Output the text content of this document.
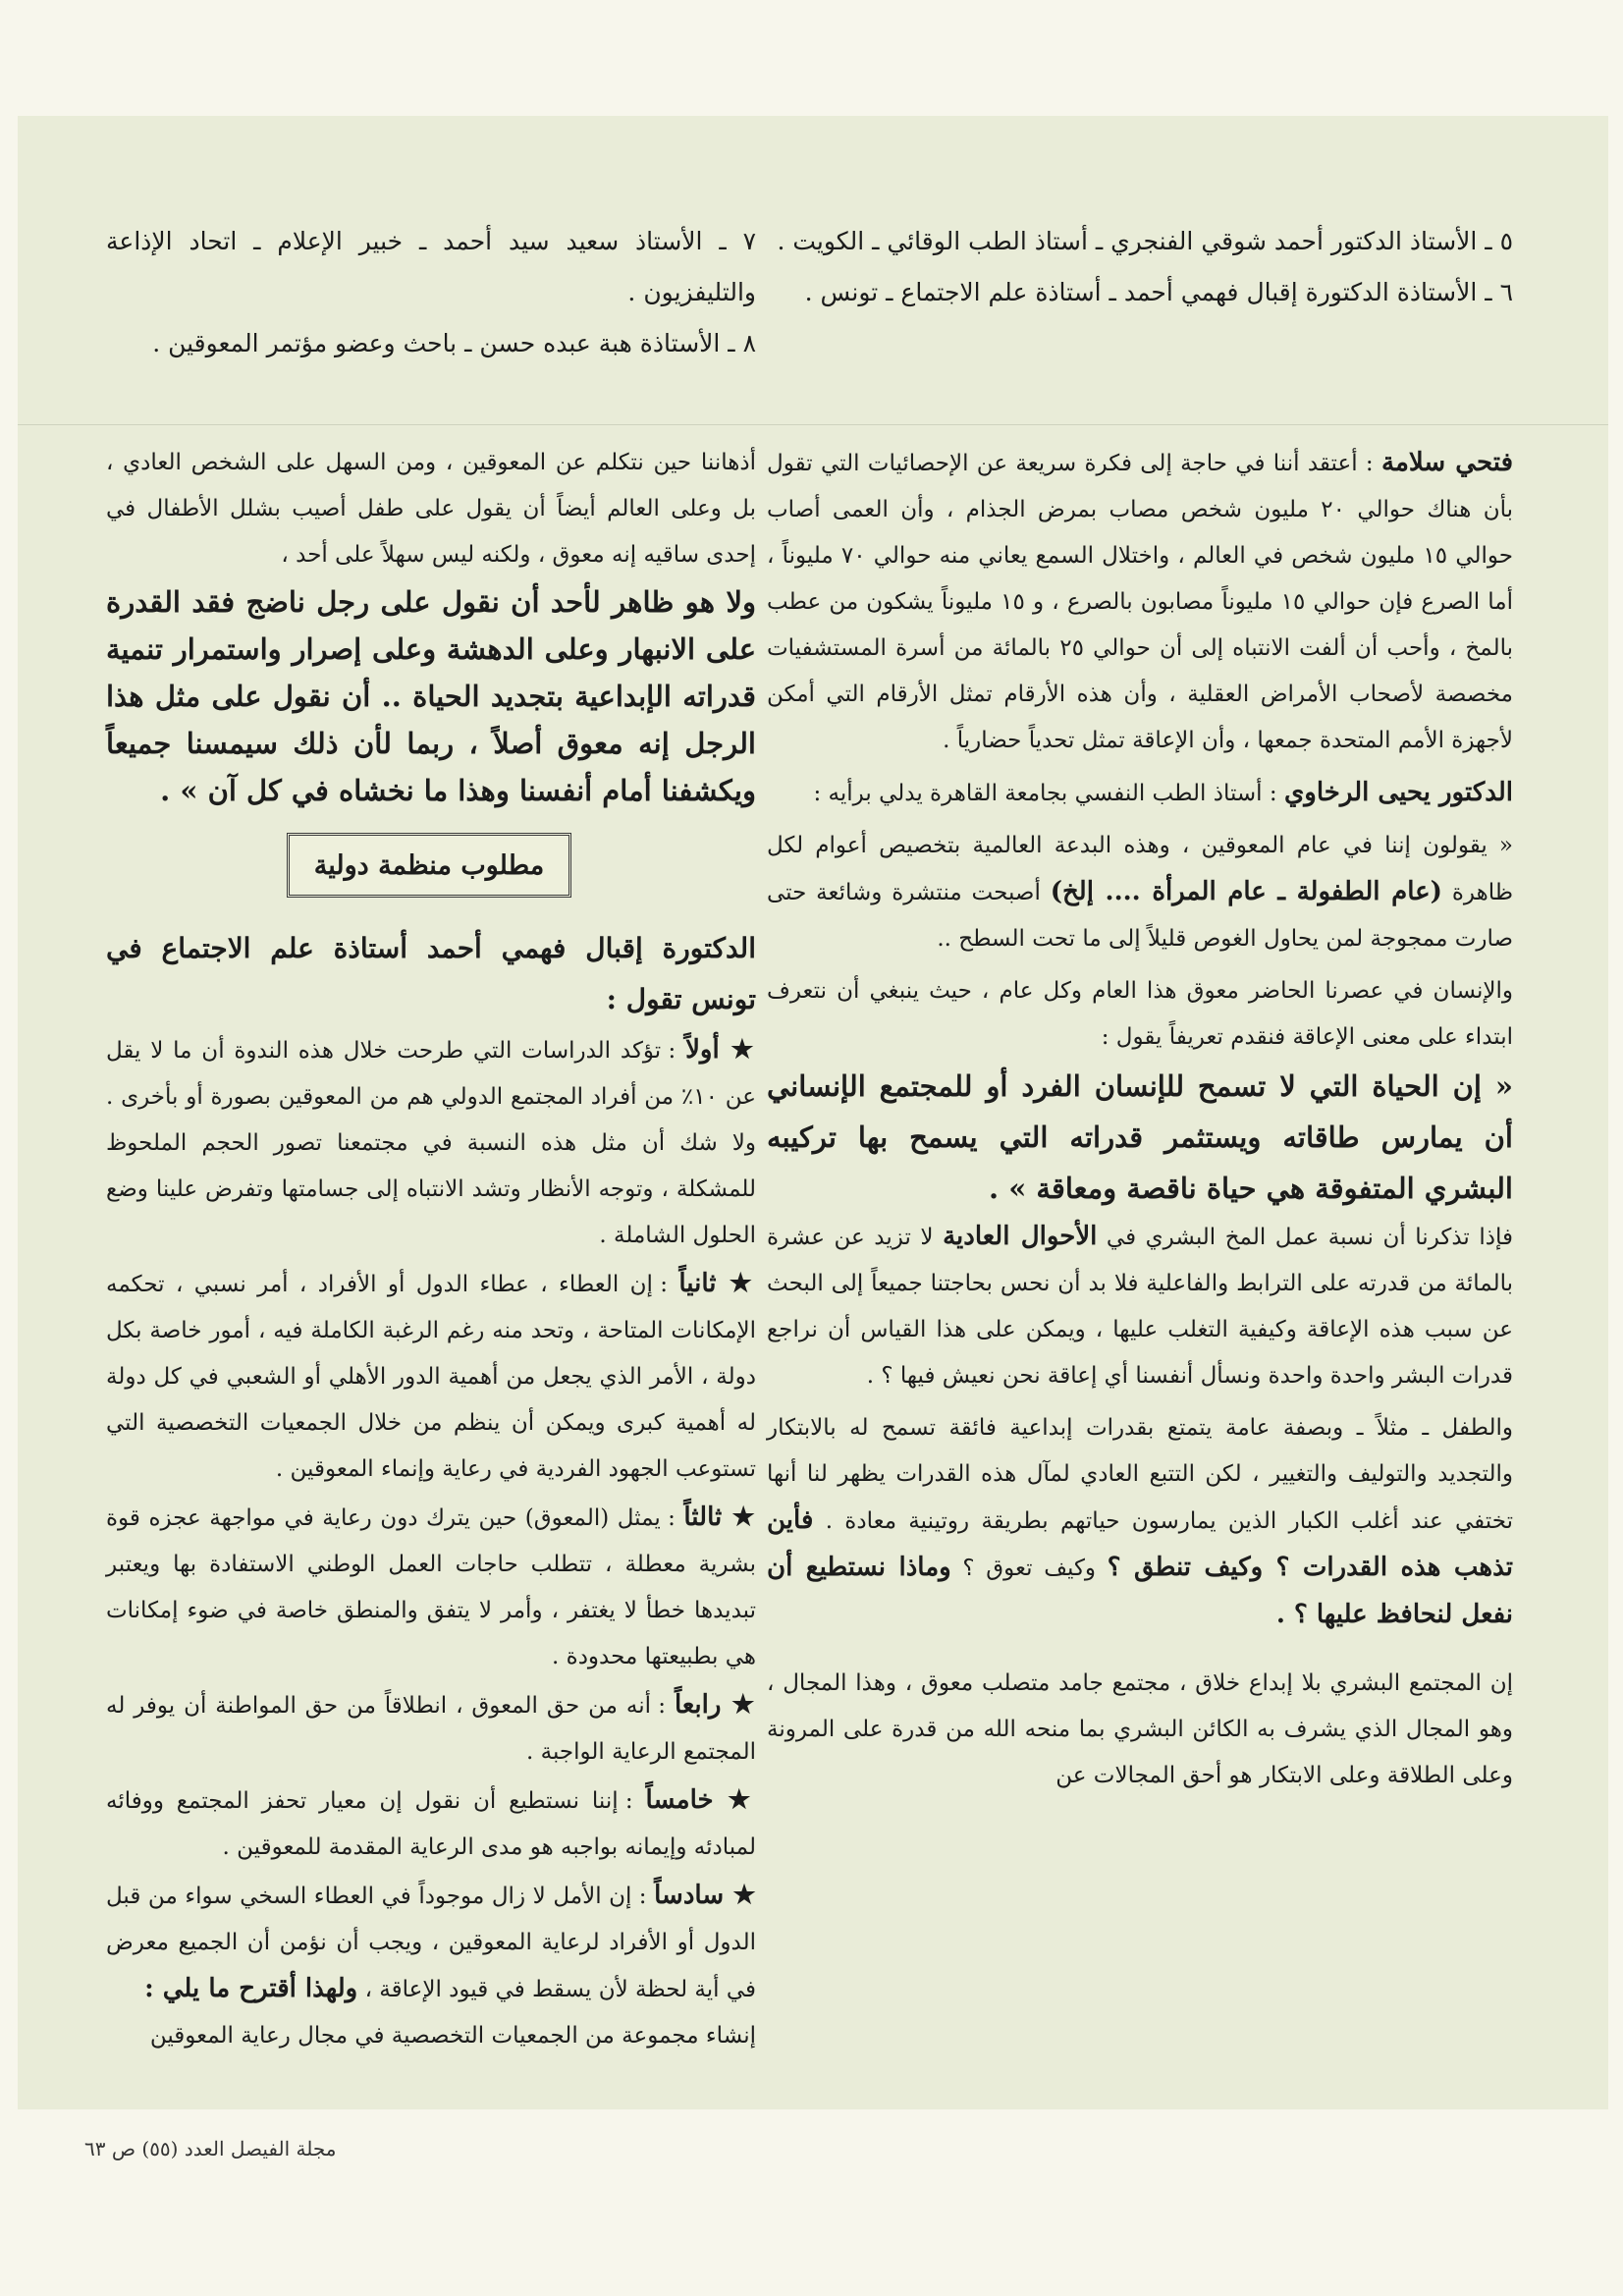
٥ ـ الأستاذ الدكتور أحمد شوقي الفنجري ـ أستاذ الطب الوقائي ـ الكويت .

٦ ـ الأستاذة الدكتورة إقبال فهمي أحمد ـ أستاذة علم الاجتماع ـ تونس .

٧ ـ الأستاذ سعيد سيد أحمد ـ خبير الإعلام ـ اتحاد الإذاعة والتليفزيون .

٨ ـ الأستاذة هبة عبده حسن ـ باحث وعضو مؤتمر المعوقين .

فتحي سلامة : أعتقد أننا في حاجة إلى فكرة سريعة عن الإحصائيات التي تقول بأن هناك حوالي ٢٠ مليون شخص مصاب بمرض الجذام ، وأن العمى أصاب حوالي ١٥ مليون شخص في العالم ، واختلال السمع يعاني منه حوالي ٧٠ مليوناً ، أما الصرع فإن حوالي ١٥ مليوناً مصابون بالصرع ، و ١٥ مليوناً يشكون من عطب بالمخ ، وأحب أن ألفت الانتباه إلى أن حوالي ٢٥ بالمائة من أسرة المستشفيات مخصصة لأصحاب الأمراض العقلية ، وأن هذه الأرقام تمثل الأرقام التي أمكن لأجهزة الأمم المتحدة جمعها ، وأن الإعاقة تمثل تحدياً حضارياً .

الدكتور يحيى الرخاوي : أستاذ الطب النفسي بجامعة القاهرة يدلي برأيه :

« يقولون إننا في عام المعوقين ، وهذه البدعة العالمية بتخصيص أعوام لكل ظاهرة (عام الطفولة ـ عام المرأة .... إلخ) أصبحت منتشرة وشائعة حتى صارت ممجوجة لمن يحاول الغوص قليلاً إلى ما تحت السطح ..

والإنسان في عصرنا الحاضر معوق هذا العام وكل عام ، حيث ينبغي أن نتعرف ابتداء على معنى الإعاقة فنقدم تعريفاً يقول :

« إن الحياة التي لا تسمح للإنسان الفرد أو للمجتمع الإنساني أن يمارس طاقاته ويستثمر قدراته التي يسمح بها تركيبه البشري المتفوقة هي حياة ناقصة ومعاقة » .

فإذا تذكرنا أن نسبة عمل المخ البشري في الأحوال العادية لا تزيد عن عشرة بالمائة من قدرته على الترابط والفاعلية فلا بد أن نحس بحاجتنا جميعاً إلى البحث عن سبب هذه الإعاقة وكيفية التغلب عليها ، ويمكن على هذا القياس أن نراجع قدرات البشر واحدة واحدة ونسأل أنفسنا أي إعاقة نحن نعيش فيها ؟ .

والطفل ـ مثلاً ـ وبصفة عامة يتمتع بقدرات إبداعية فائقة تسمح له بالابتكار والتجديد والتوليف والتغيير ، لكن التتبع العادي لمآل هذه القدرات يظهر لنا أنها تختفي عند أغلب الكبار الذين يمارسون حياتهم بطريقة روتينية معادة . فأين تذهب هذه القدرات ؟ وكيف تنطق ؟ وكيف تعوق ؟ وماذا نستطيع أن نفعل لنحافظ عليها ؟ .

إن المجتمع البشري بلا إبداع خلاق ، مجتمع جامد متصلب معوق ، وهذا المجال ، وهو المجال الذي يشرف به الكائن البشري بما منحه الله من قدرة على المرونة وعلى الطلاقة وعلى الابتكار هو أحق المجالات عن

أذهاننا حين نتكلم عن المعوقين ، ومن السهل على الشخص العادي ، بل وعلى العالم أيضاً أن يقول على طفل أصيب بشلل الأطفال في إحدى ساقيه إنه معوق ، ولكنه ليس سهلاً على أحد ،

ولا هو ظاهر لأحد أن نقول على رجل ناضج فقد القدرة على الانبهار وعلى الدهشة وعلى إصرار واستمرار تنمية قدراته الإبداعية بتجديد الحياة .. أن نقول على مثل هذا الرجل إنه معوق أصلاً ، ربما لأن ذلك سيمسنا جميعاً ويكشفنا أمام أنفسنا وهذا ما نخشاه في كل آن » .

مطلوب منظمة دولية

الدكتورة إقبال فهمي أحمد أستاذة علم الاجتماع في تونس تقول :

★ أولاً : تؤكد الدراسات التي طرحت خلال هذه الندوة أن ما لا يقل عن ١٠٪ من أفراد المجتمع الدولي هم من المعوقين بصورة أو بأخرى . ولا شك أن مثل هذه النسبة في مجتمعنا تصور الحجم الملحوظ للمشكلة ، وتوجه الأنظار وتشد الانتباه إلى جسامتها وتفرض علينا وضع الحلول الشاملة .

★ ثانياً : إن العطاء ، عطاء الدول أو الأفراد ، أمر نسبي ، تحكمه الإمكانات المتاحة ، وتحد منه رغم الرغبة الكاملة فيه ، أمور خاصة بكل دولة ، الأمر الذي يجعل من أهمية الدور الأهلي أو الشعبي في كل دولة له أهمية كبرى ويمكن أن ينظم من خلال الجمعيات التخصصية التي تستوعب الجهود الفردية في رعاية وإنماء المعوقين .

★ ثالثاً : يمثل (المعوق) حين يترك دون رعاية في مواجهة عجزه قوة بشرية معطلة ، تتطلب حاجات العمل الوطني الاستفادة بها ويعتبر تبديدها خطأ لا يغتفر ، وأمر لا يتفق والمنطق خاصة في ضوء إمكانات هي بطبيعتها محدودة .

★ رابعاً : أنه من حق المعوق ، انطلاقاً من حق المواطنة أن يوفر له المجتمع الرعاية الواجبة .

★ خامساً : إننا نستطيع أن نقول إن معيار تحفز المجتمع ووفائه لمبادئه وإيمانه بواجبه هو مدى الرعاية المقدمة للمعوقين .

★ سادساً : إن الأمل لا زال موجوداً في العطاء السخي سواء من قبل الدول أو الأفراد لرعاية المعوقين ، ويجب أن نؤمن أن الجميع معرض في أية لحظة لأن يسقط في قيود الإعاقة ، ولهذا أقترح ما يلي :

إنشاء مجموعة من الجمعيات التخصصية في مجال رعاية المعوقين

مجلة الفيصل العدد (٥٥) ص ٦٣
